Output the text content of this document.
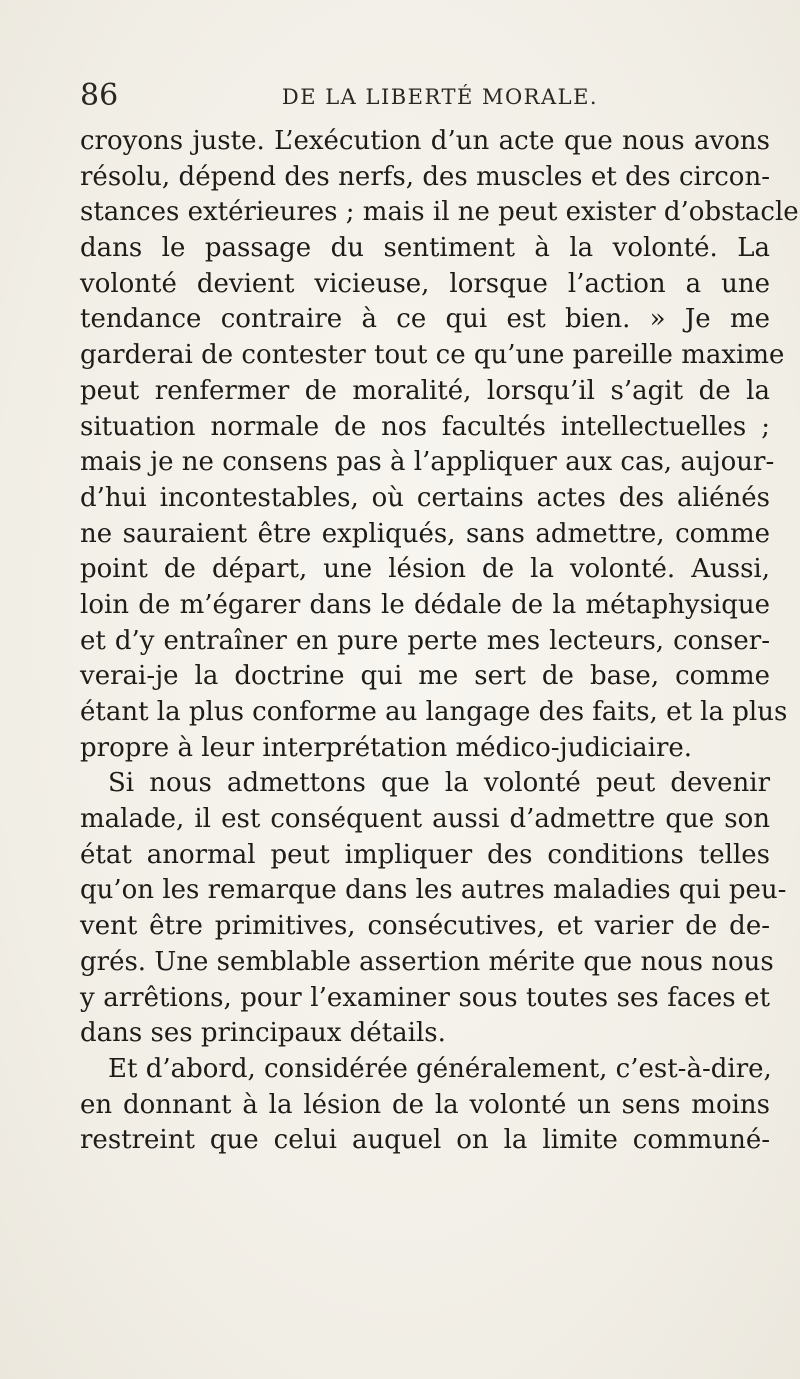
86	DE LA LIBERTÉ MORALE.
croyons juste. L’exécution d’un acte que nous avons
résolu, dépend des nerfs, des muscles et des circon-
stances extérieures ; mais il ne peut exister d’obstacle
dans le passage du sentiment à la volonté. La
volonté devient vicieuse, lorsque l’action a une
tendance contraire à ce qui est bien. » Je me
garderai de contester tout ce qu’une pareille maxime
peut renfermer de moralité, lorsqu’il s’agit de la
situation normale de nos facultés intellectuelles ;
mais je ne consens pas à l’appliquer aux cas, aujour-
d’hui incontestables, où certains actes des aliénés
ne sauraient être expliqués, sans admettre, comme
point de départ, une lésion de la volonté. Aussi,
loin de m’égarer dans le dédale de la métaphysique
et d’y entraîner en pure perte mes lecteurs, conser-
verai-je la doctrine qui me sert de base, comme
étant la plus conforme au langage des faits, et la plus
propre à leur interprétation médico-judiciaire.
Si nous admettons que la volonté peut devenir
malade, il est conséquent aussi d’admettre que son
état anormal peut impliquer des conditions telles
qu’on les remarque dans les autres maladies qui peu-
vent être primitives, consécutives, et varier de de-
grés. Une semblable assertion mérite que nous nous
y arrêtions, pour l’examiner sous toutes ses faces et
dans ses principaux détails.
Et d’abord, considérée généralement, c’est-à-dire,
en donnant à la lésion de la volonté un sens moins
restreint que celui auquel on la limite communé-
